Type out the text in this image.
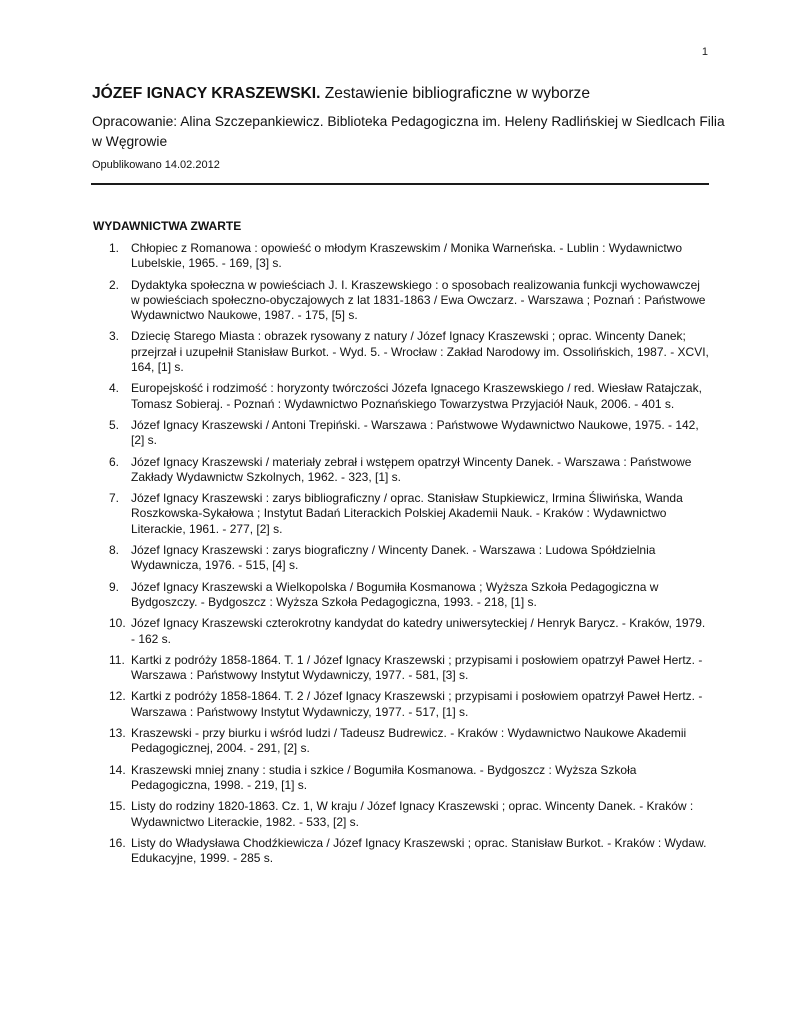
1
JÓZEF IGNACY KRASZEWSKI. Zestawienie bibliograficzne w wyborze
Opracowanie: Alina Szczepankiewicz. Biblioteka Pedagogiczna im. Heleny Radlińskiej w Siedlcach Filia w Węgrowie
Opublikowano 14.02.2012
WYDAWNICTWA ZWARTE
1. Chłopiec z Romanowa : opowieść o młodym Kraszewskim / Monika Warneńska. - Lublin : Wydawnictwo Lubelskie, 1965. - 169, [3] s.
2. Dydaktyka społeczna w powieściach J. I. Kraszewskiego : o sposobach realizowania funkcji wychowawczej w powieściach społeczno-obyczajowych z lat 1831-1863 / Ewa Owczarz. - Warszawa ; Poznań : Państwowe Wydawnictwo Naukowe, 1987. - 175, [5] s.
3. Dziecię Starego Miasta : obrazek rysowany z natury / Józef Ignacy Kraszewski ; oprac. Wincenty Danek; przejrzał i uzupełnił Stanisław Burkot. - Wyd. 5. - Wrocław : Zakład Narodowy im. Ossolińskich, 1987. - XCVI, 164, [1] s.
4. Europejskość i rodzimość : horyzonty twórczości Józefa Ignacego Kraszewskiego / red. Wiesław Ratajczak, Tomasz Sobieraj. - Poznań : Wydawnictwo Poznańskiego Towarzystwa Przyjaciół Nauk, 2006. - 401 s.
5. Józef Ignacy Kraszewski / Antoni Trepiński. - Warszawa : Państwowe Wydawnictwo Naukowe, 1975. - 142, [2] s.
6. Józef Ignacy Kraszewski / materiały zebrał i wstępem opatrzył Wincenty Danek. - Warszawa : Państwowe Zakłady Wydawnictw Szkolnych, 1962. - 323, [1] s.
7. Józef Ignacy Kraszewski : zarys bibliograficzny / oprac. Stanisław Stupkiewicz, Irmina Śliwińska, Wanda Roszkowska-Sykałowa ; Instytut Badań Literackich Polskiej Akademii Nauk. - Kraków : Wydawnictwo Literackie, 1961. - 277, [2] s.
8. Józef Ignacy Kraszewski : zarys biograficzny / Wincenty Danek. - Warszawa : Ludowa Spółdzielnia Wydawnicza, 1976. - 515, [4] s.
9. Józef Ignacy Kraszewski a Wielkopolska / Bogumiła Kosmanowa ; Wyższa Szkoła Pedagogiczna w Bydgoszczy. - Bydgoszcz : Wyższa Szkoła Pedagogiczna, 1993. - 218, [1] s.
10. Józef Ignacy Kraszewski czterokrotny kandydat do katedry uniwersyteckiej / Henryk Barycz. - Kraków, 1979. - 162 s.
11. Kartki z podróży 1858-1864. T. 1 / Józef Ignacy Kraszewski ; przypisami i posłowiem opatrzył Paweł Hertz. - Warszawa : Państwowy Instytut Wydawniczy, 1977. - 581, [3] s.
12. Kartki z podróży 1858-1864. T. 2 / Józef Ignacy Kraszewski ; przypisami i posłowiem opatrzył Paweł Hertz. - Warszawa : Państwowy Instytut Wydawniczy, 1977. - 517, [1] s.
13. Kraszewski - przy biurku i wśród ludzi / Tadeusz Budrewicz. - Kraków : Wydawnictwo Naukowe Akademii Pedagogicznej, 2004. - 291, [2] s.
14. Kraszewski mniej znany : studia i szkice / Bogumiła Kosmanowa. - Bydgoszcz : Wyższa Szkoła Pedagogiczna, 1998. - 219, [1] s.
15. Listy do rodziny 1820-1863. Cz. 1, W kraju / Józef Ignacy Kraszewski ; oprac. Wincenty Danek. - Kraków : Wydawnictwo Literackie, 1982. - 533, [2] s.
16. Listy do Władysława Chodźkiewicza / Józef Ignacy Kraszewski ; oprac. Stanisław Burkot. - Kraków : Wydaw. Edukacyjne, 1999. - 285 s.
